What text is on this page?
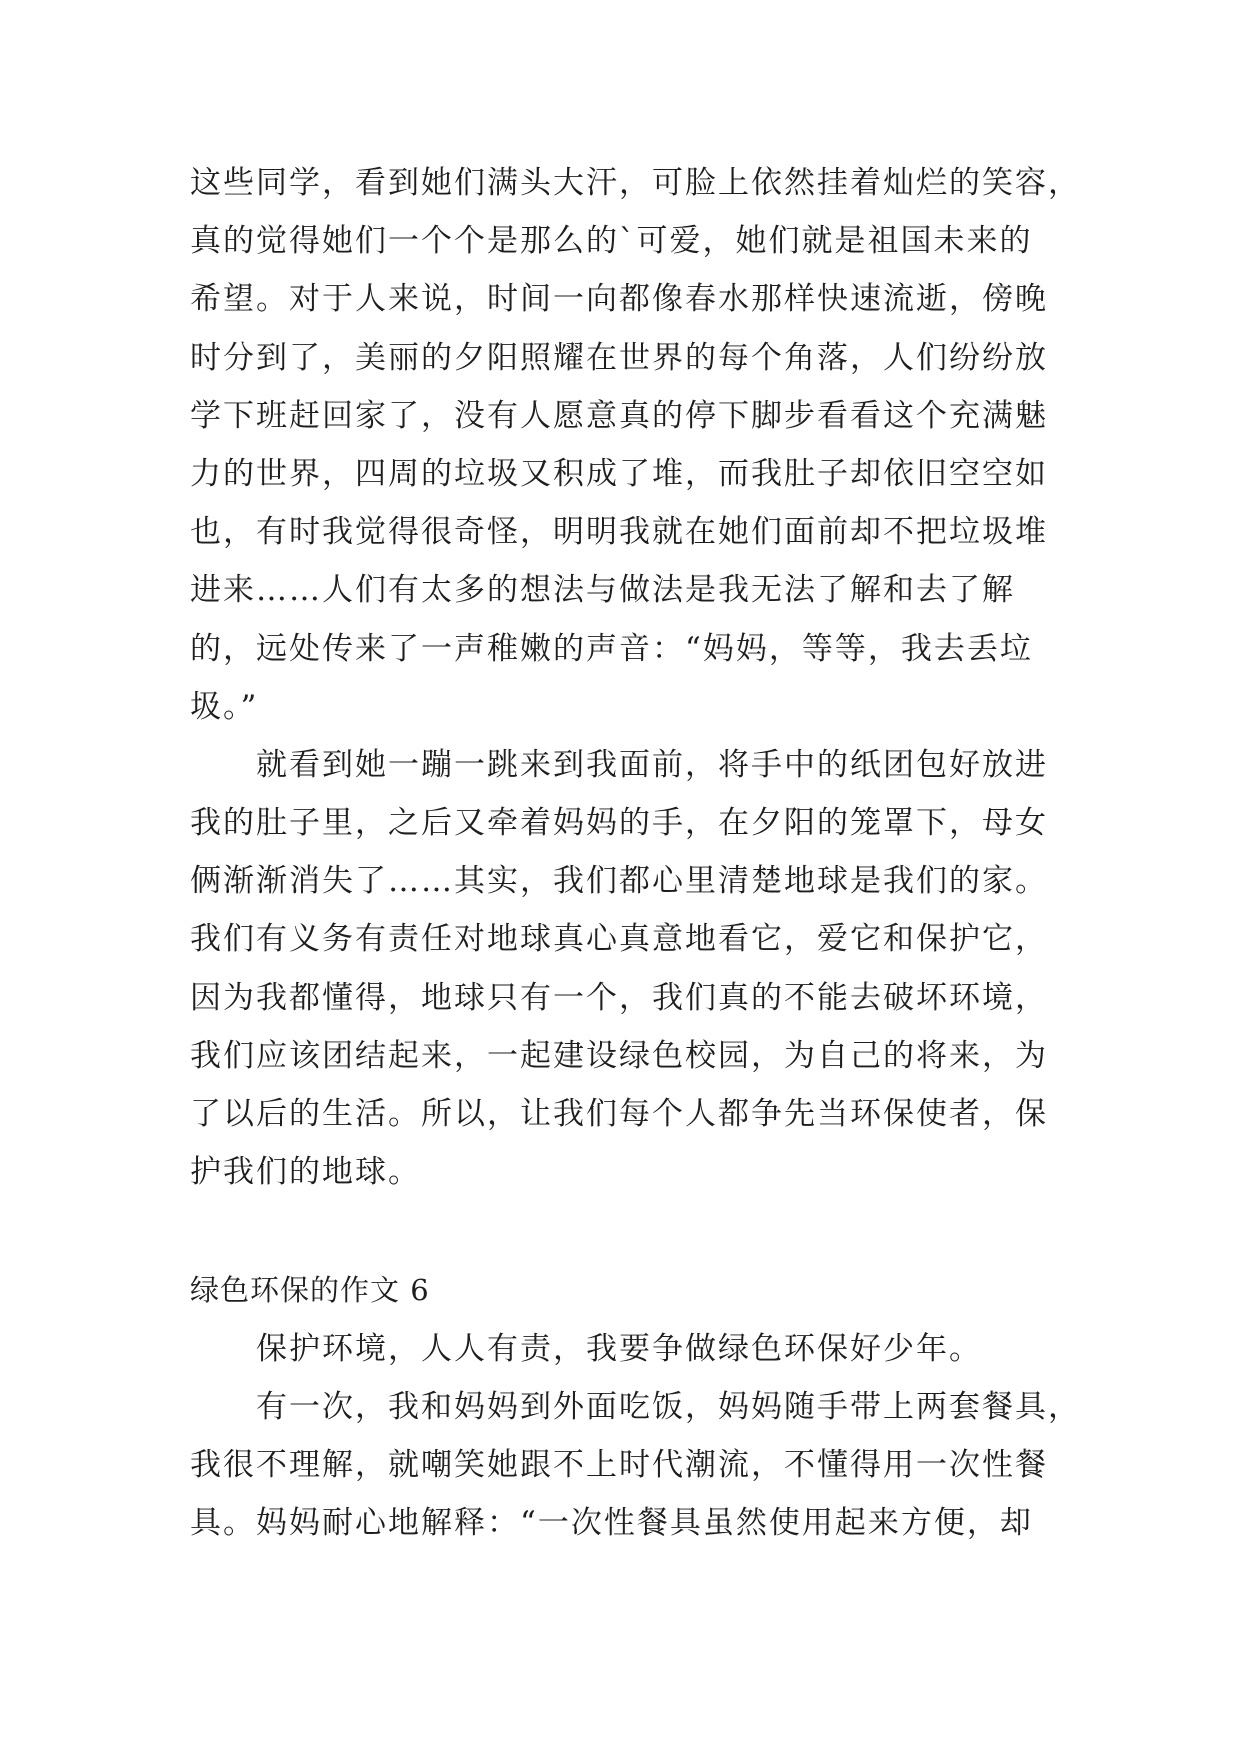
这些同学，看到她们满头大汗，可脸上依然挂着灿烂的笑容，
真的觉得她们一个个是那么的`可爱，她们就是祖国未来的
希望。对于人来说，时间一向都像春水那样快速流逝，傍晚
时分到了，美丽的夕阳照耀在世界的每个角落，人们纷纷放
学下班赶回家了，没有人愿意真的停下脚步看看这个充满魅
力的世界，四周的垃圾又积成了堆，而我肚子却依旧空空如
也，有时我觉得很奇怪，明明我就在她们面前却不把垃圾堆
进来……人们有太多的想法与做法是我无法了解和去了解
的，远处传来了一声稚嫩的声音：“妈妈，等等，我去丢垃
圾。”
就看到她一蹦一跳来到我面前，将手中的纸团包好放进
我的肚子里，之后又牵着妈妈的手，在夕阳的笼罩下，母女
俩渐渐消失了……其实，我们都心里清楚地球是我们的家。
我们有义务有责任对地球真心真意地看它，爱它和保护它，
因为我都懂得，地球只有一个，我们真的不能去破坏环境，
我们应该团结起来，一起建设绿色校园，为自己的将来，为
了以后的生活。所以，让我们每个人都争先当环保使者，保
护我们的地球。
绿色环保的作文 6
保护环境，人人有责，我要争做绿色环保好少年。
有一次，我和妈妈到外面吃饭，妈妈随手带上两套餐具，
我很不理解，就嘲笑她跟不上时代潮流，不懂得用一次性餐
具。妈妈耐心地解释：“一次性餐具虽然使用起来方便，却
